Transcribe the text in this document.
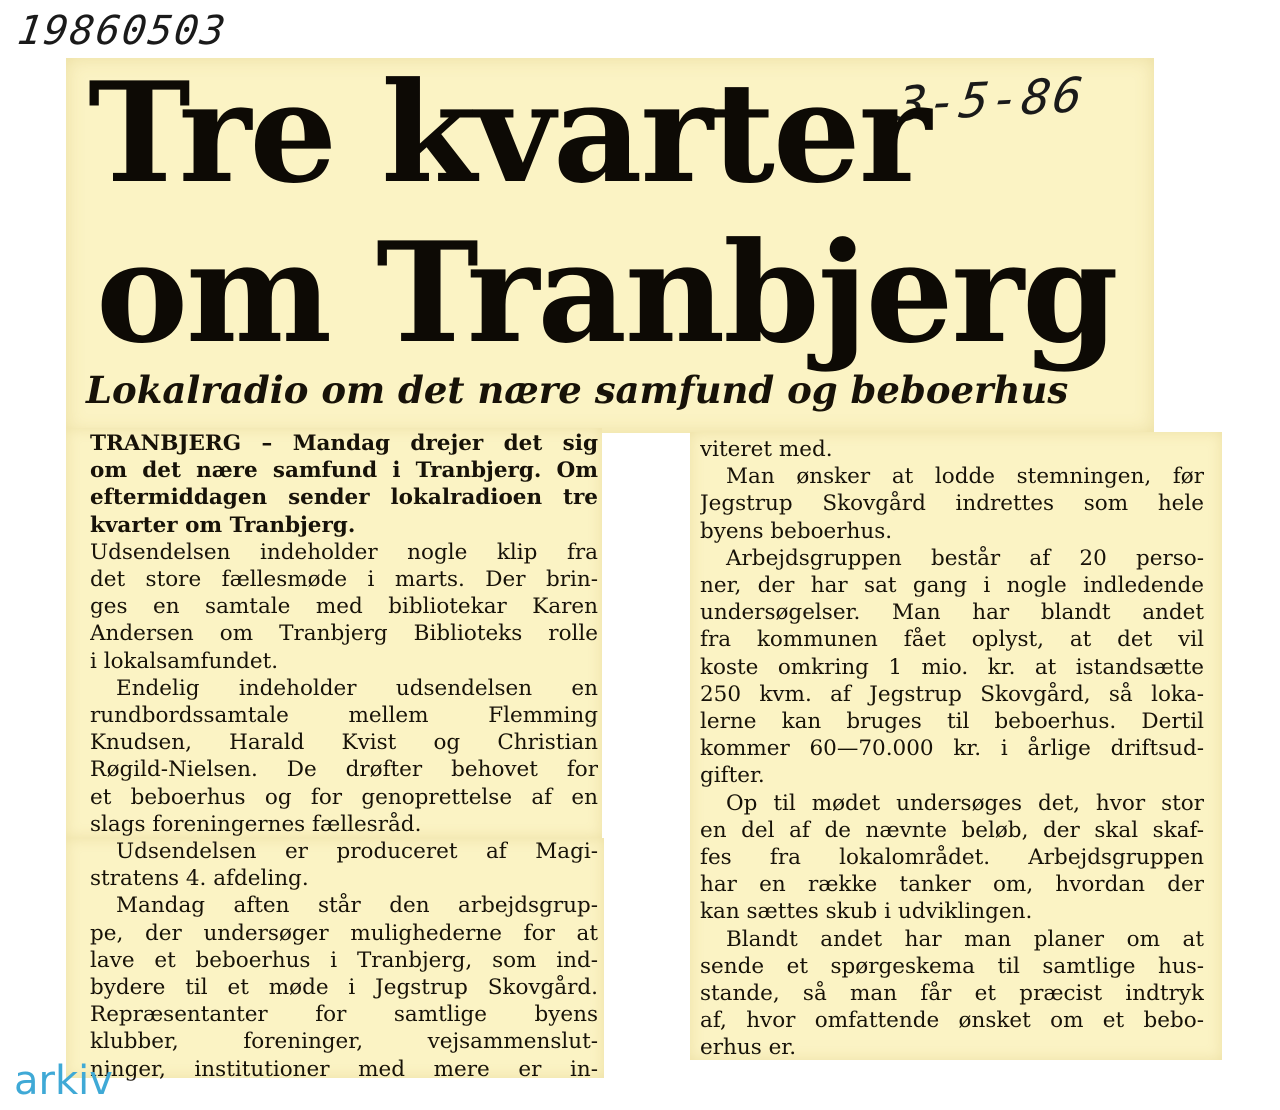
19860503
3-5-86
Tre kvarter
om Tranbjerg
Lokalradio om det nære samfund og beboerhus
TRANBJERG – Mandag drejer det sig
om det nære samfund i Tranbjerg. Om
eftermiddagen sender lokalradioen tre
kvarter om Tranbjerg.
Udsendelsen indeholder nogle klip fra
det store fællesmøde i marts. Der brin-
ges en samtale med bibliotekar Karen
Andersen om Tranbjerg Biblioteks rolle
i lokalsamfundet.
Endelig indeholder udsendelsen en
rundbordssamtale mellem Flemming
Knudsen, Harald Kvist og Christian
Røgild-Nielsen. De drøfter behovet for
et beboerhus og for genoprettelse af en
slags foreningernes fællesråd.
Udsendelsen er produceret af Magi-
stratens 4. afdeling.
Mandag aften står den arbejdsgrup-
pe, der undersøger mulighederne for at
lave et beboerhus i Tranbjerg, som ind-
bydere til et møde i Jegstrup Skovgård.
Repræsentanter for samtlige byens
klubber, foreninger, vejsammenslut-
ninger, institutioner med mere er in-
viteret med.
Man ønsker at lodde stemningen, før
Jegstrup Skovgård indrettes som hele
byens beboerhus.
Arbejdsgruppen består af 20 perso-
ner, der har sat gang i nogle indledende
undersøgelser. Man har blandt andet
fra kommunen fået oplyst, at det vil
koste omkring 1 mio. kr. at istandsætte
250 kvm. af Jegstrup Skovgård, så loka-
lerne kan bruges til beboerhus. Dertil
kommer 60—70.000 kr. i årlige driftsud-
gifter.
Op til mødet undersøges det, hvor stor
en del af de nævnte beløb, der skal skaf-
fes fra lokalområdet. Arbejdsgruppen
har en række tanker om, hvordan der
kan sættes skub i udviklingen.
Blandt andet har man planer om at
sende et spørgeskema til samtlige hus-
stande, så man får et præcist indtryk
af, hvor omfattende ønsket om et bebo-
erhus er.
arkiv
